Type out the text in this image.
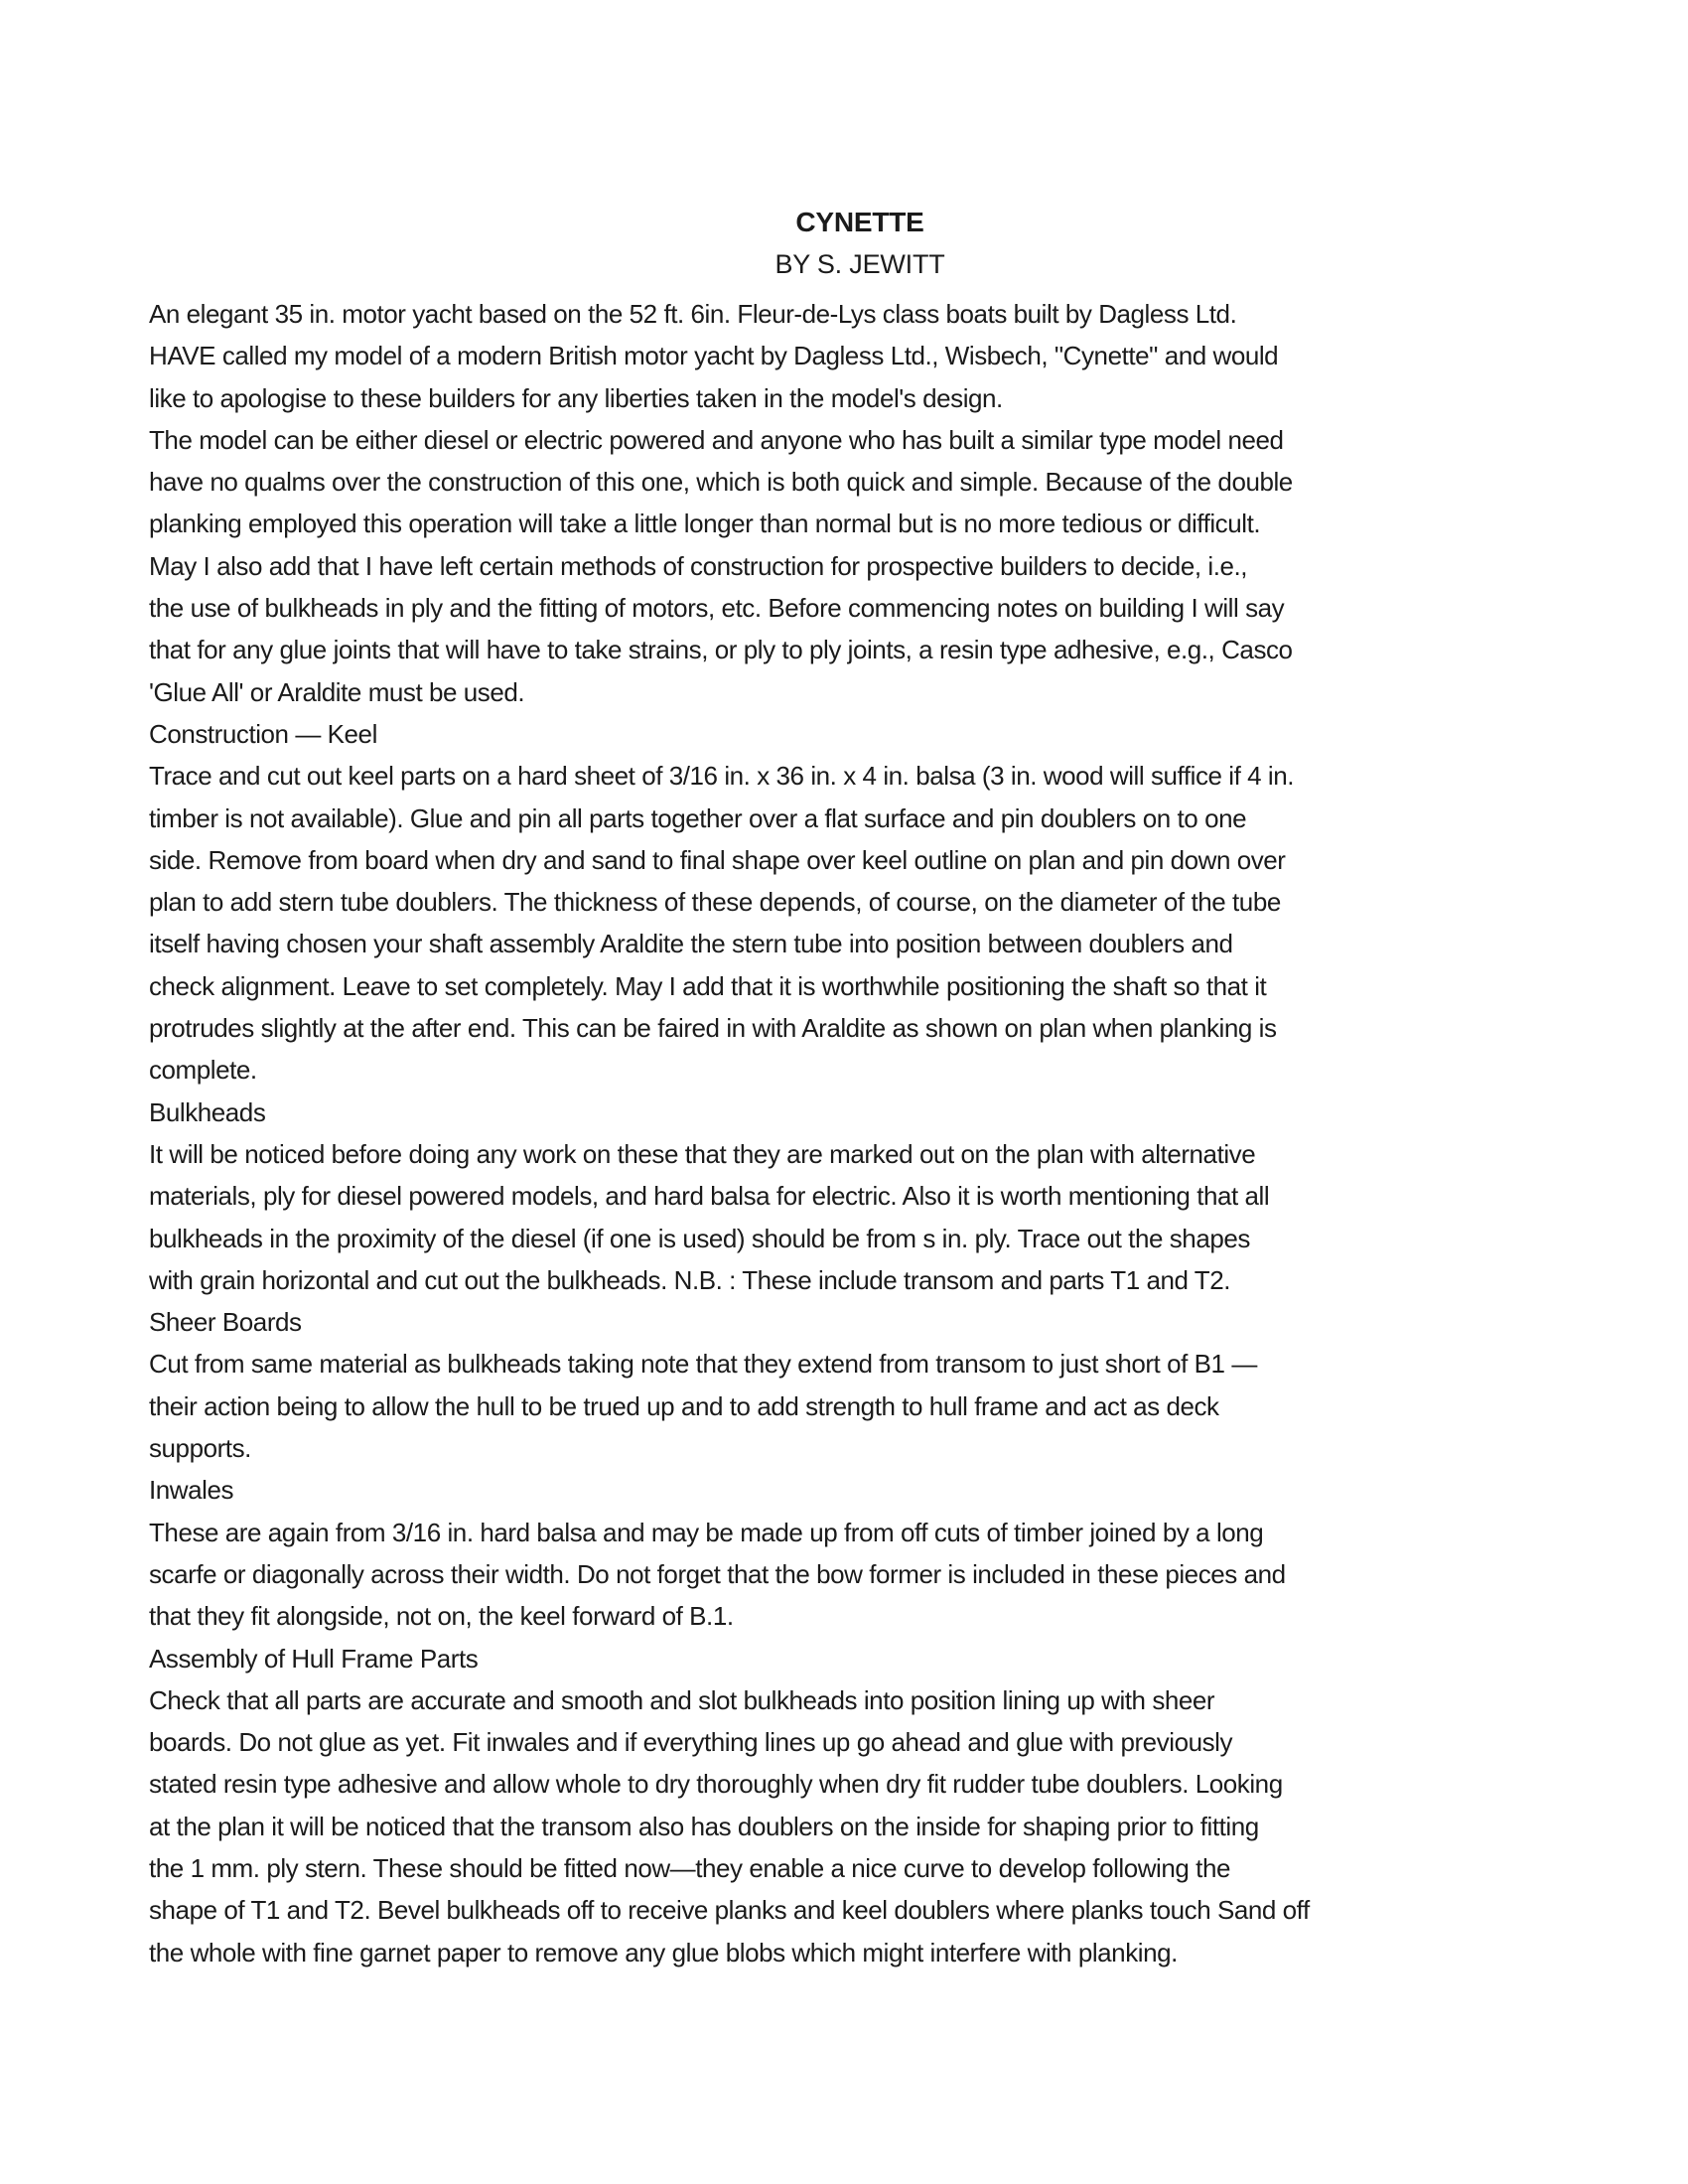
CYNETTE
BY S. JEWITT
An elegant 35 in. motor yacht based on the 52 ft. 6in. Fleur-de-Lys class boats built by Dagless Ltd.
HAVE called my model of a modern British motor yacht by Dagless Ltd., Wisbech, "Cynette" and would
like to apologise to these builders for any liberties taken in the model's design.
The model can be either diesel or electric powered and anyone who has built a similar type model need
have no qualms over the construction of this one, which is both quick and simple. Because of the double
planking employed this operation will take a little longer than normal but is no more tedious or difficult.
May I also add that I have left certain methods of construction for prospective builders to decide, i.e.,
the use of bulkheads in ply and the fitting of motors, etc. Before commencing notes on building I will say
that for any glue joints that will have to take strains, or ply to ply joints, a resin type adhesive, e.g., Casco
'Glue All' or Araldite must be used.
Construction — Keel
Trace and cut out keel parts on a hard sheet of 3/16 in. x 36 in. x 4 in. balsa (3 in. wood will suffice if 4 in.
timber is not available). Glue and pin all parts together over a flat surface and pin doublers on to one
side. Remove from board when dry and sand to final shape over keel outline on plan and pin down over
plan to add stern tube doublers. The thickness of these depends, of course, on the diameter of the tube
itself having chosen your shaft assembly Araldite the stern tube into position between doublers and
check alignment. Leave to set completely. May I add that it is worthwhile positioning the shaft so that it
protrudes slightly at the after end. This can be faired in with Araldite as shown on plan when planking is
complete.
Bulkheads
It will be noticed before doing any work on these that they are marked out on the plan with alternative
materials, ply for diesel powered models, and hard balsa for electric. Also it is worth mentioning that all
bulkheads in the proximity of the diesel (if one is used) should be from s in. ply. Trace out the shapes
with grain horizontal and cut out the bulkheads. N.B. : These include transom and parts T1 and T2.
Sheer Boards
Cut from same material as bulkheads taking note that they extend from transom to just short of B1 —
their action being to allow the hull to be trued up and to add strength to hull frame and act as deck
supports.
Inwales
These are again from 3/16 in. hard balsa and may be made up from off cuts of timber joined by a long
scarfe or diagonally across their width. Do not forget that the bow former is included in these pieces and
that they fit alongside, not on, the keel forward of B.1.
Assembly of Hull Frame Parts
Check that all parts are accurate and smooth and slot bulkheads into position lining up with sheer
boards. Do not glue as yet. Fit inwales and if everything lines up go ahead and glue with previously
stated resin type adhesive and allow whole to dry thoroughly when dry fit rudder tube doublers. Looking
at the plan it will be noticed that the transom also has doublers on the inside for shaping prior to fitting
the 1 mm. ply stern. These should be fitted now—they enable a nice curve to develop following the
shape of T1 and T2. Bevel bulkheads off to receive planks and keel doublers where planks touch Sand off
the whole with fine garnet paper to remove any glue blobs which might interfere with planking.
